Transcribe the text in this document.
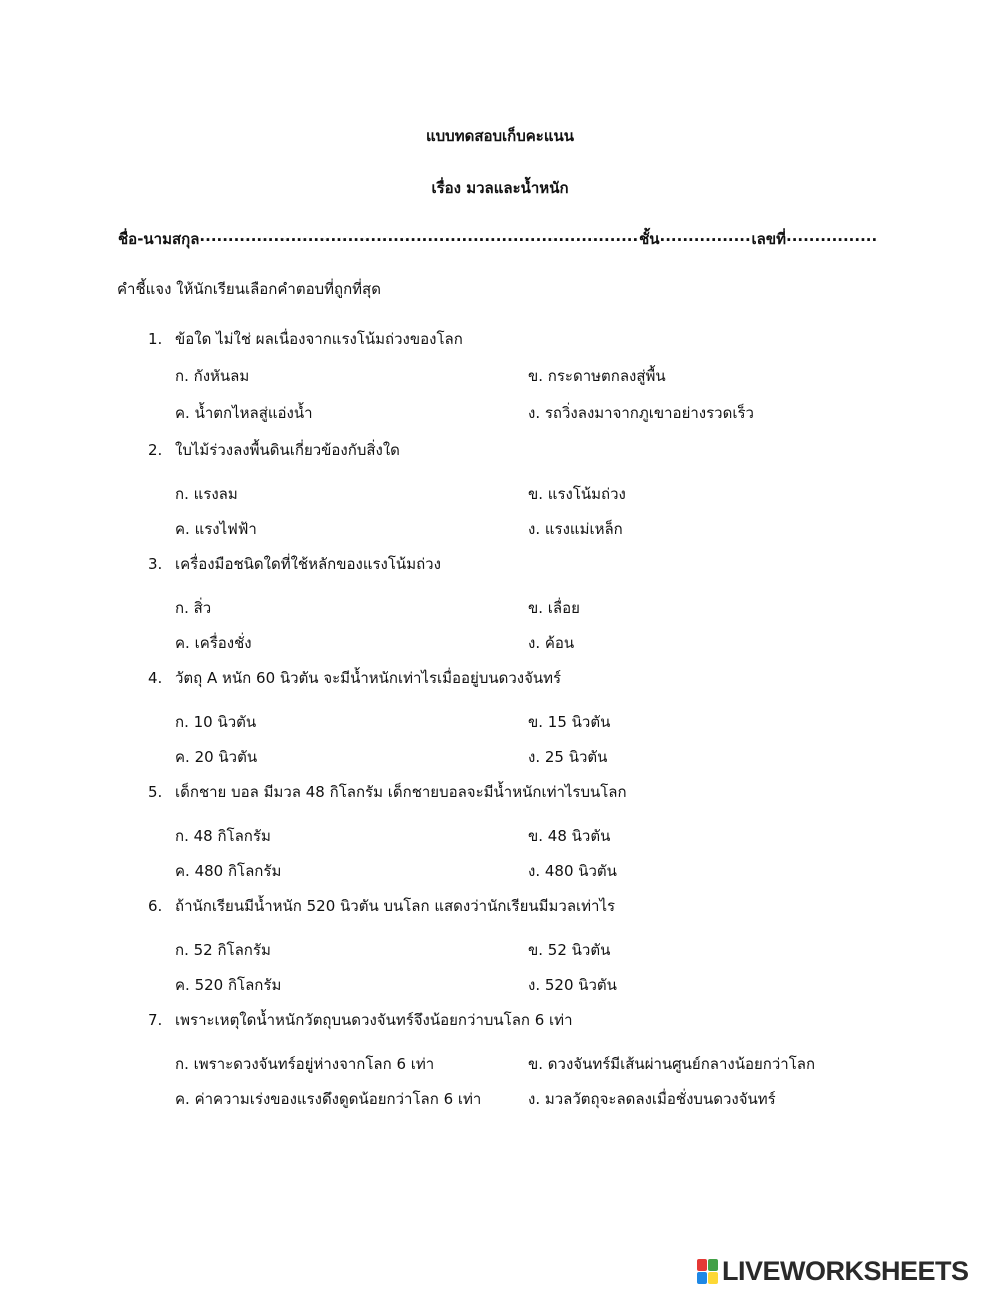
แบบทดสอบเก็บคะแนน
เรื่อง มวลและน้ำหนัก
ชื่อ-นามสกุล .....	ชั้น .....	เลขที่
.....
คำชี้แจง ให้นักเรียนเลือกคำตอบที่ถูกที่สุด
1. ข้อใด ไม่ใช่ ผลเนื่องจากแรงโน้มถ่วงของโลก
ก. กังหันลม	ข. กระดาษตกลงสู่พื้น
ค. น้ำตกไหลสู่แอ่งน้ำ	ง. รถวิ่งลงมาจากภูเขาอย่างรวดเร็ว
2. ใบไม้ร่วงลงพื้นดินเกี่ยวข้องกับสิ่งใด
ก. แรงลม	ข. แรงโน้มถ่วง
ค. แรงไฟฟ้า	ง. แรงแม่เหล็ก
3. เครื่องมือชนิดใดที่ใช้หลักของแรงโน้มถ่วง
ก. สิ่ว	ข. เลื่อย
ค. เครื่องชั่ง	ง. ค้อน
4. วัตถุ A หนัก 60 นิวตัน จะมีน้ำหนักเท่าไรเมื่ออยู่บนดวงจันทร์
ก. 10 นิวตัน	ข. 15 นิวตัน
ค. 20 นิวตัน	ง. 25 นิวตัน
5. เด็กชาย บอล มีมวล 48 กิโลกรัม เด็กชายบอลจะมีน้ำหนักเท่าไรบนโลก
ก. 48 กิโลกรัม	ข. 48 นิวตัน
ค. 480 กิโลกรัม	ง. 480 นิวตัน
6. ถ้านักเรียนมีน้ำหนัก 520 นิวตัน บนโลก แสดงว่านักเรียนมีมวลเท่าไร
ก. 52 กิโลกรัม	ข. 52 นิวตัน
ค. 520 กิโลกรัม	ง. 520 นิวตัน
7. เพราะเหตุใดน้ำหนักวัตถุบนดวงจันทร์จึงน้อยกว่าบนโลก 6 เท่า
ก. เพราะดวงจันทร์อยู่ห่างจากโลก 6 เท่า	ข. ดวงจันทร์มีเส้นผ่านศูนย์กลางน้อยกว่าโลก
ค. ค่าความเร่งของแรงดึงดูดน้อยกว่าโลก 6 เท่า	ง. มวลวัตถุจะลดลงเมื่อชั่งบนดวงจันทร์
LIVEWORKSHEETS
